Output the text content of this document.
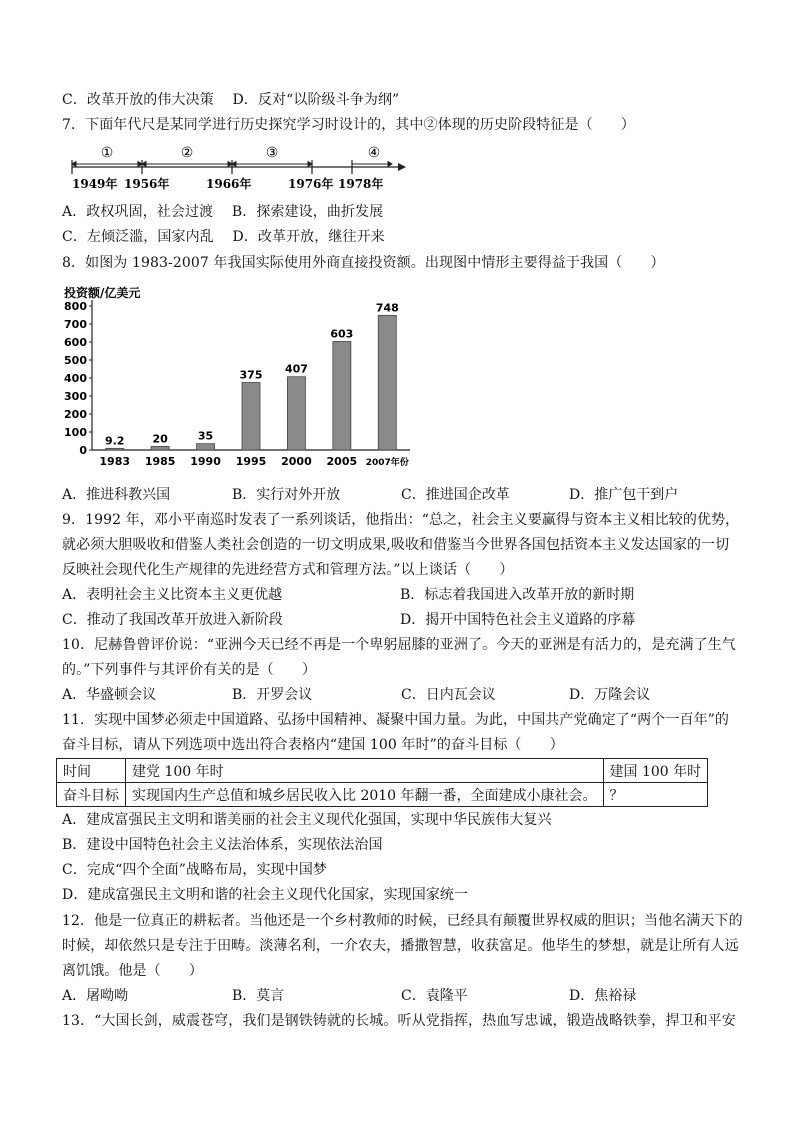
C．改革开放的伟大决策　 D．反对“以阶级斗争为纲”
7．下面年代尺是某同学进行历史探究学习时设计的，其中②体现的历史阶段特征是（　　）
①	②	③	④
1949年 1956年	1966年	1976年 1978年
A．政权巩固，社会过渡　 B．探索建设，曲折发展
C．左倾泛滥，国家内乱　 D．改革开放，继往开来
8．如图为 1983-2007 年我国实际使用外商直接投资额。出现图中情形主要得益于我国（　　）
投资额/亿美元
0
100
200
300
400
500
600
700
800
9.2
1983
20
1985
35
1990
375
1995
407
2000
603
2005
748
2007年份
A．推进科教兴国	B．实行对外开放	C．推进国企改革	D．推广包干到户
9．1992 年，邓小平南巡时发表了一系列谈话，他指出：“总之，社会主义要赢得与资本主义相比较的优势，
就必须大胆吸收和借鉴人类社会创造的一切文明成果,吸收和借鉴当今世界各国包括资本主义发达国家的一切
反映社会现代化生产规律的先进经营方式和管理方法。”以上谈话（　　）
A．表明社会主义比资本主义更优越	B．标志着我国进入改革开放的新时期
C．推动了我国改革开放进入新阶段	D．揭开中国特色社会主义道路的序幕
10．尼赫鲁曾评价说：“亚洲今天已经不再是一个卑躬屈膝的亚洲了。今天的亚洲是有活力的，是充满了生气
的。”下列事件与其评价有关的是（　　）
A．华盛顿会议	B．开罗会议	C．日内瓦会议	D．万隆会议
11．实现中国梦必须走中国道路、弘扬中国精神、凝聚中国力量。为此，中国共产党确定了“两个一百年”的
奋斗目标，请从下列选项中选出符合表格内“建国 100 年时”的奋斗目标（　　）
时间	建党 100 年时	建国 100 年时
奋斗目标	实现国内生产总值和城乡居民收入比 2010 年翻一番，全面建成小康社会。	？
A．建成富强民主文明和谐美丽的社会主义现代化强国，实现中华民族伟大复兴
B．建设中国特色社会主义法治体系，实现依法治国
C．完成“四个全面”战略布局，实现中国梦
D．建成富强民主文明和谐的社会主义现代化国家，实现国家统一
12．他是一位真正的耕耘者。当他还是一个乡村教师的时候，已经具有颠覆世界权威的胆识；当他名满天下的
时候，却依然只是专注于田畴。淡薄名利，一介农夫，播撒智慧，收获富足。他毕生的梦想，就是让所有人远
离饥饿。他是（　　）
A．屠呦呦	B．莫言	C．袁隆平	D．焦裕禄
13．“大国长剑，威震苍穹，我们是钢铁铸就的长城。听从党指挥，热血写忠诚，锻造战略铁拳，捍卫和平安
